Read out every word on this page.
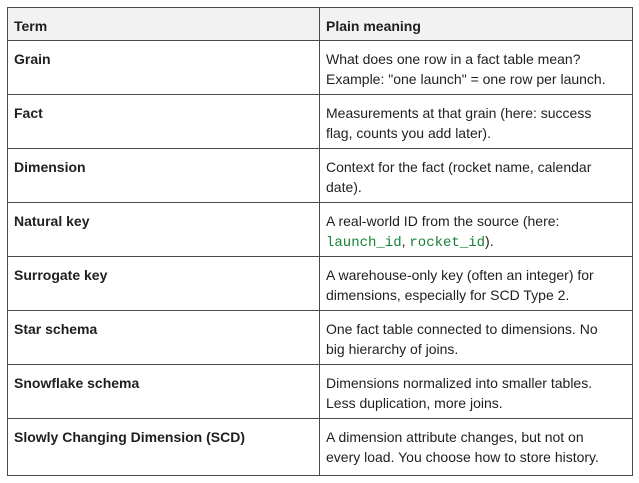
Term	Plain meaning
Grain	What does one row in a fact table mean?
Example: "one launch" = one row per launch.
Fact	Measurements at that grain (here: success
flag, counts you add later).
Dimension	Context for the fact (rocket name, calendar
date).
Natural key	A real-world ID from the source (here:
launch_id, rocket_id).
Surrogate key	A warehouse-only key (often an integer) for
dimensions, especially for SCD Type 2.
Star schema	One fact table connected to dimensions. No
big hierarchy of joins.
Snowflake schema	Dimensions normalized into smaller tables.
Less duplication, more joins.
Slowly Changing Dimension (SCD)	A dimension attribute changes, but not on
every load. You choose how to store history.
